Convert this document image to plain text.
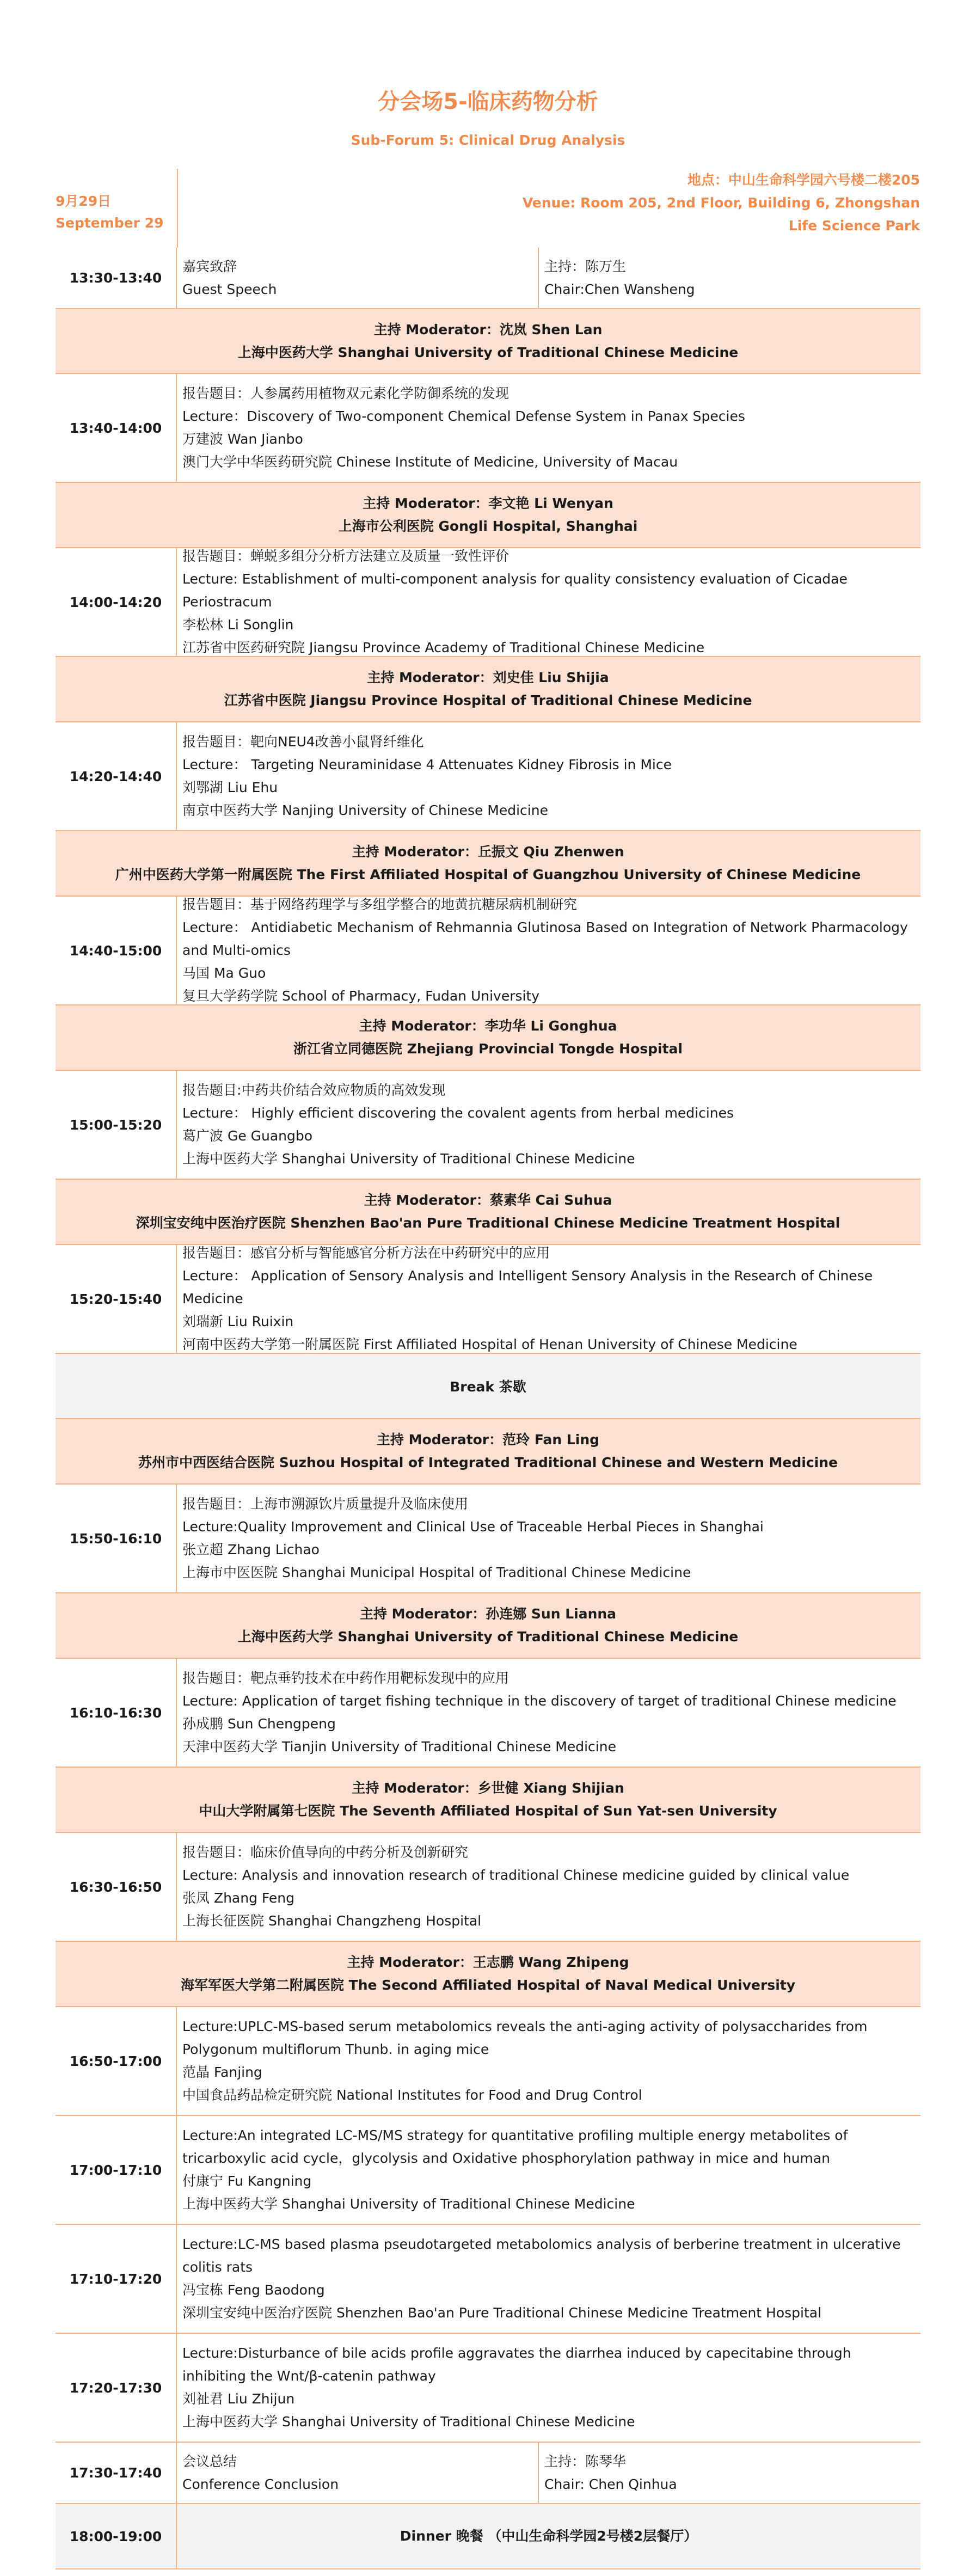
分会场5-临床药物分析
Sub-Forum 5: Clinical Drug Analysis
9月29日
September 29
地点：中山生命科学园六号楼二楼205
Venue: Room 205, 2nd Floor, Building 6, Zhongshan
Life Science Park
13:30-13:40
嘉宾致辞
Guest Speech
主持：陈万生
Chair:Chen Wansheng
主持 Moderator：沈岚 Shen Lan
上海中医药大学 Shanghai University of Traditional Chinese Medicine
13:40-14:00
报告题目：人参属药用植物双元素化学防御系统的发现
Lecture：Discovery of Two-component Chemical Defense System in Panax Species
万建波 Wan Jianbo
澳门大学中华医药研究院 Chinese Institute of Medicine, University of Macau
主持 Moderator：李文艳 Li Wenyan
上海市公利医院 Gongli Hospital, Shanghai
14:00-14:20
报告题目：蝉蜕多组分分析方法建立及质量一致性评价
Lecture: Establishment of multi-component analysis for quality consistency evaluation of Cicadae Periostracum
李松林 Li Songlin
江苏省中医药研究院 Jiangsu Province Academy of Traditional Chinese Medicine
主持 Moderator：刘史佳 Liu Shijia
江苏省中医院 Jiangsu Province Hospital of Traditional Chinese Medicine
14:20-14:40
报告题目：靶向NEU4改善小鼠肾纤维化
Lecture： Targeting Neuraminidase 4 Attenuates Kidney Fibrosis in Mice
刘鄂湖 Liu Ehu
南京中医药大学 Nanjing University of Chinese Medicine
主持 Moderator：丘振文 Qiu Zhenwen
广州中医药大学第一附属医院 The First Affiliated Hospital of Guangzhou University of Chinese Medicine
14:40-15:00
报告题目：基于网络药理学与多组学整合的地黄抗糖尿病机制研究
Lecture： Antidiabetic Mechanism of Rehmannia Glutinosa Based on Integration of Network Pharmacology and Multi-omics
马国 Ma Guo
复旦大学药学院 School of Pharmacy, Fudan University
主持 Moderator：李功华 Li Gonghua
浙江省立同德医院 Zhejiang Provincial Tongde Hospital
15:00-15:20
报告题目:中药共价结合效应物质的高效发现
Lecture： Highly efficient discovering the covalent agents from herbal medicines
葛广波 Ge Guangbo
上海中医药大学 Shanghai University of Traditional Chinese Medicine
主持 Moderator：蔡素华 Cai Suhua
深圳宝安纯中医治疗医院 Shenzhen Bao'an Pure Traditional Chinese Medicine Treatment Hospital
15:20-15:40
报告题目：感官分析与智能感官分析方法在中药研究中的应用
Lecture： Application of Sensory Analysis and Intelligent Sensory Analysis in the Research of Chinese Medicine
刘瑞新 Liu Ruixin
河南中医药大学第一附属医院 First Affiliated Hospital of Henan University of Chinese Medicine
Break 茶歇
主持 Moderator：范玲 Fan Ling
苏州市中西医结合医院 Suzhou Hospital of Integrated Traditional Chinese and Western Medicine
15:50-16:10
报告题目：上海市溯源饮片质量提升及临床使用
Lecture:Quality Improvement and Clinical Use of Traceable Herbal Pieces in Shanghai
张立超 Zhang Lichao
上海市中医医院 Shanghai Municipal Hospital of Traditional Chinese Medicine
主持 Moderator：孙连娜 Sun Lianna
上海中医药大学 Shanghai University of Traditional Chinese Medicine
16:10-16:30
报告题目：靶点垂钓技术在中药作用靶标发现中的应用
Lecture: Application of target fishing technique in the discovery of target of traditional Chinese medicine
孙成鹏 Sun Chengpeng
天津中医药大学 Tianjin University of Traditional Chinese Medicine
主持 Moderator：乡世健 Xiang Shijian
中山大学附属第七医院 The Seventh Affiliated Hospital of Sun Yat-sen University
16:30-16:50
报告题目：临床价值导向的中药分析及创新研究
Lecture: Analysis and innovation research of traditional Chinese medicine guided by clinical value
张凤 Zhang Feng
上海长征医院 Shanghai Changzheng Hospital
主持 Moderator：王志鹏 Wang Zhipeng
海军军医大学第二附属医院 The Second Affiliated Hospital of Naval Medical University
16:50-17:00
Lecture:UPLC-MS-based serum metabolomics reveals the anti-aging activity of polysaccharides from Polygonum multiflorum Thunb. in aging mice
范晶 Fanjing
中国食品药品检定研究院 National Institutes for Food and Drug Control
17:00-17:10
Lecture:An integrated LC-MS/MS strategy for quantitative profiling multiple energy metabolites of tricarboxylic acid cycle，glycolysis and Oxidative phosphorylation pathway in mice and human
付康宁 Fu Kangning
上海中医药大学 Shanghai University of Traditional Chinese Medicine
17:10-17:20
Lecture:LC-MS based plasma pseudotargeted metabolomics analysis of berberine treatment in ulcerative colitis rats
冯宝栋 Feng Baodong
深圳宝安纯中医治疗医院 Shenzhen Bao'an Pure Traditional Chinese Medicine Treatment Hospital
17:20-17:30
Lecture:Disturbance of bile acids profile aggravates the diarrhea induced by capecitabine through inhibiting the Wnt/β-catenin pathway
刘祉君 Liu Zhijun
上海中医药大学 Shanghai University of Traditional Chinese Medicine
17:30-17:40
会议总结
Conference Conclusion
主持：陈琴华
Chair: Chen Qinhua
18:00-19:00	Dinner 晚餐 （中山生命科学园2号楼2层餐厅）
